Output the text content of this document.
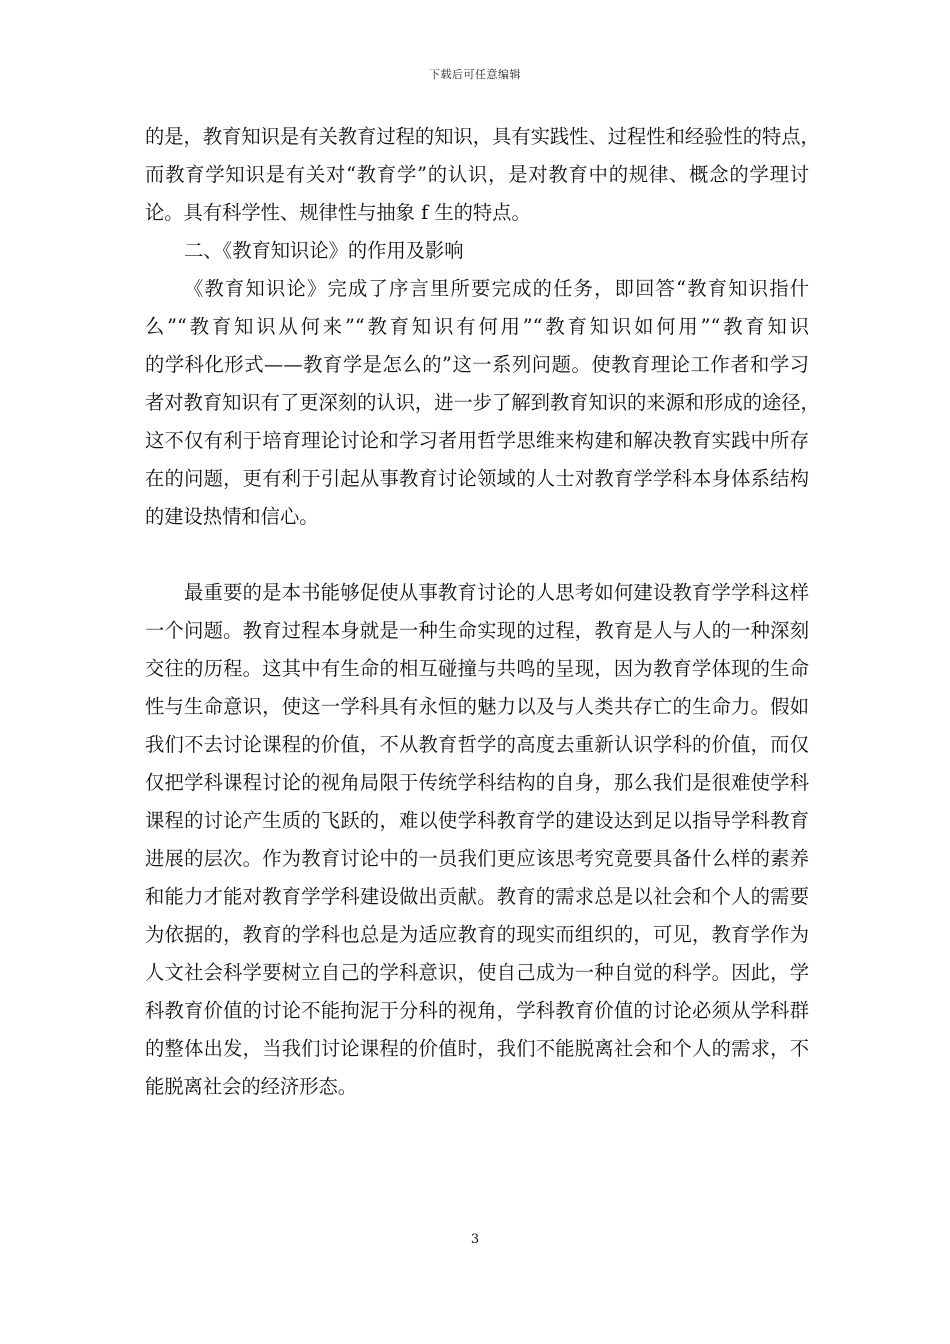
下载后可任意编辑
的是，教育知识是有关教育过程的知识，具有实践性、过程性和经验性的特点，
而教育学知识是有关对“教育学”的认识，是对教育中的规律、概念的学理讨
论。具有科学性、规律性与抽象 f 生的特点。
二、《教育知识论》的作用及影响
《教育知识论》完成了序言里所要完成的任务，即回答“教育知识指什
么”“教育知识从何来”“教育知识有何用”“教育知识如何用”“教育知识
的学科化形式——教育学是怎么的”这一系列问题。使教育理论工作者和学习
者对教育知识有了更深刻的认识，进一步了解到教育知识的来源和形成的途径，
这不仅有利于培育理论讨论和学习者用哲学思维来构建和解决教育实践中所存
在的问题，更有利于引起从事教育讨论领域的人士对教育学学科本身体系结构
的建设热情和信心。
最重要的是本书能够促使从事教育讨论的人思考如何建设教育学学科这样
一个问题。教育过程本身就是一种生命实现的过程，教育是人与人的一种深刻
交往的历程。这其中有生命的相互碰撞与共鸣的呈现，因为教育学体现的生命
性与生命意识，使这一学科具有永恒的魅力以及与人类共存亡的生命力。假如
我们不去讨论课程的价值，不从教育哲学的高度去重新认识学科的价值，而仅
仅把学科课程讨论的视角局限于传统学科结构的自身，那么我们是很难使学科
课程的讨论产生质的飞跃的，难以使学科教育学的建设达到足以指导学科教育
进展的层次。作为教育讨论中的一员我们更应该思考究竟要具备什么样的素养
和能力才能对教育学学科建设做出贡献。教育的需求总是以社会和个人的需要
为依据的，教育的学科也总是为适应教育的现实而组织的，可见，教育学作为
人文社会科学要树立自己的学科意识，使自己成为一种自觉的科学。因此，学
科教育价值的讨论不能拘泥于分科的视角，学科教育价值的讨论必须从学科群
的整体出发，当我们讨论课程的价值时，我们不能脱离社会和个人的需求，不
能脱离社会的经济形态。
3
